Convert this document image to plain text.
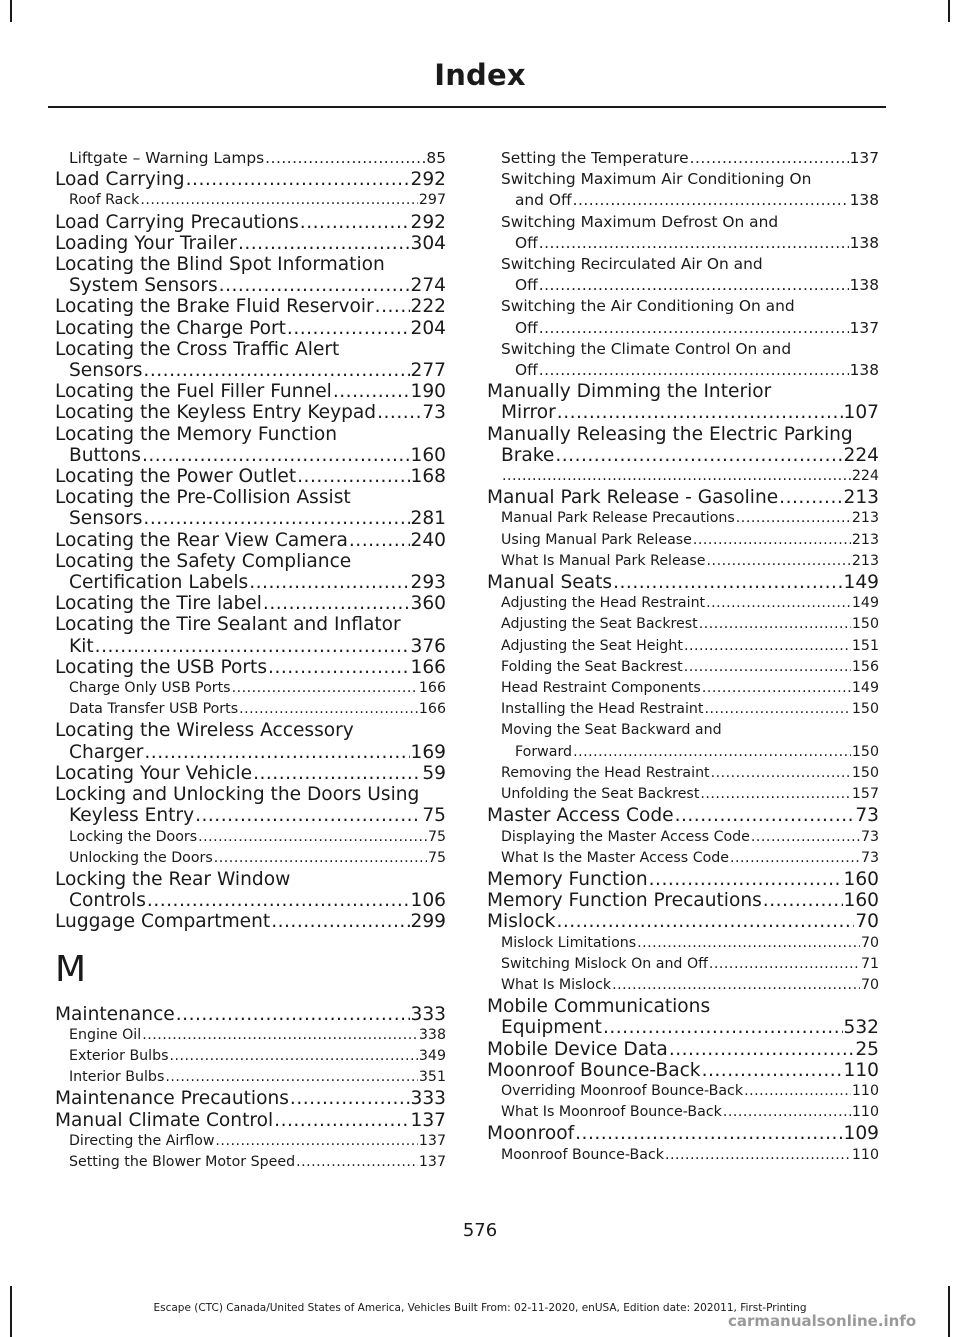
Index
Liftgate – Warning Lamps .....	85
Load Carrying .....	292
Roof Rack .....	297
Load Carrying Precautions .....	292
Loading Your Trailer .....	304
Locating the Blind Spot Information
System Sensors .....	274
Locating the Brake Fluid Reservoir ..... 222
Locating the Charge Port .....	204
Locating the Cross Traffic Alert
Sensors .....	277
Locating the Fuel Filler Funnel .....	190
Locating the Keyless Entry Keypad ..... 73
Locating the Memory Function
Buttons .....	160
Locating the Power Outlet .....	168
Locating the Pre-Collision Assist
Sensors .....	281
Locating the Rear View Camera .....	240
Locating the Safety Compliance
Certification Labels .....	293
Locating the Tire label .....	360
Locating the Tire Sealant and Inflator
Kit .....	376
Locating the USB Ports .....	166
Charge Only USB Ports .....	166
Data Transfer USB Ports .....	166
Locating the Wireless Accessory
Charger .....	169
Locating Your Vehicle .....	59
Locking and Unlocking the Doors Using
Keyless Entry .....	75
Locking the Doors .....	75
Unlocking the Doors .....	75
Locking the Rear Window
Controls .....	106
Luggage Compartment .....	299
M
Maintenance .....	333
Engine Oil .....	338
Exterior Bulbs .....	349
Interior Bulbs .....	351
Maintenance Precautions .....	333
Manual Climate Control .....	137
Directing the Airflow .....	137
Setting the Blower Motor Speed .....	137
Setting the Temperature .....	137
Switching Maximum Air Conditioning On
and Off .....	138
Switching Maximum Defrost On and
Off .....	138
Switching Recirculated Air On and
Off .....	138
Switching the Air Conditioning On and
Off .....	137
Switching the Climate Control On and
Off .....	138
Manually Dimming the Interior
Mirror .....	107
Manually Releasing the Electric Parking
Brake .....	224
.....
224
Manual Park Release - Gasoline .....	213
Manual Park Release Precautions .....	213
Using Manual Park Release .....	213
What Is Manual Park Release .....	213
Manual Seats .....	149
Adjusting the Head Restraint .....	149
Adjusting the Seat Backrest .....	150
Adjusting the Seat Height .....	151
Folding the Seat Backrest .....	156
Head Restraint Components .....	149
Installing the Head Restraint .....	150
Moving the Seat Backward and
Forward .....	150
Removing the Head Restraint .....	150
Unfolding the Seat Backrest .....	157
Master Access Code .....	73
Displaying the Master Access Code .....	73
What Is the Master Access Code .....	73
Memory Function .....	160
Memory Function Precautions .....	160
Mislock .....	70
Mislock Limitations .....	70
Switching Mislock On and Off .....	71
What Is Mislock .....	70
Mobile Communications
Equipment .....	532
Mobile Device Data .....	25
Moonroof Bounce-Back .....	110
Overriding Moonroof Bounce-Back .....	110
What Is Moonroof Bounce-Back .....	110
Moonroof .....	109
Moonroof Bounce-Back .....	110
576
Escape (CTC) Canada/United States of America, Vehicles Built From: 02-11-2020, enUSA, Edition date: 202011, First-Printing
carmanualsonline.info
